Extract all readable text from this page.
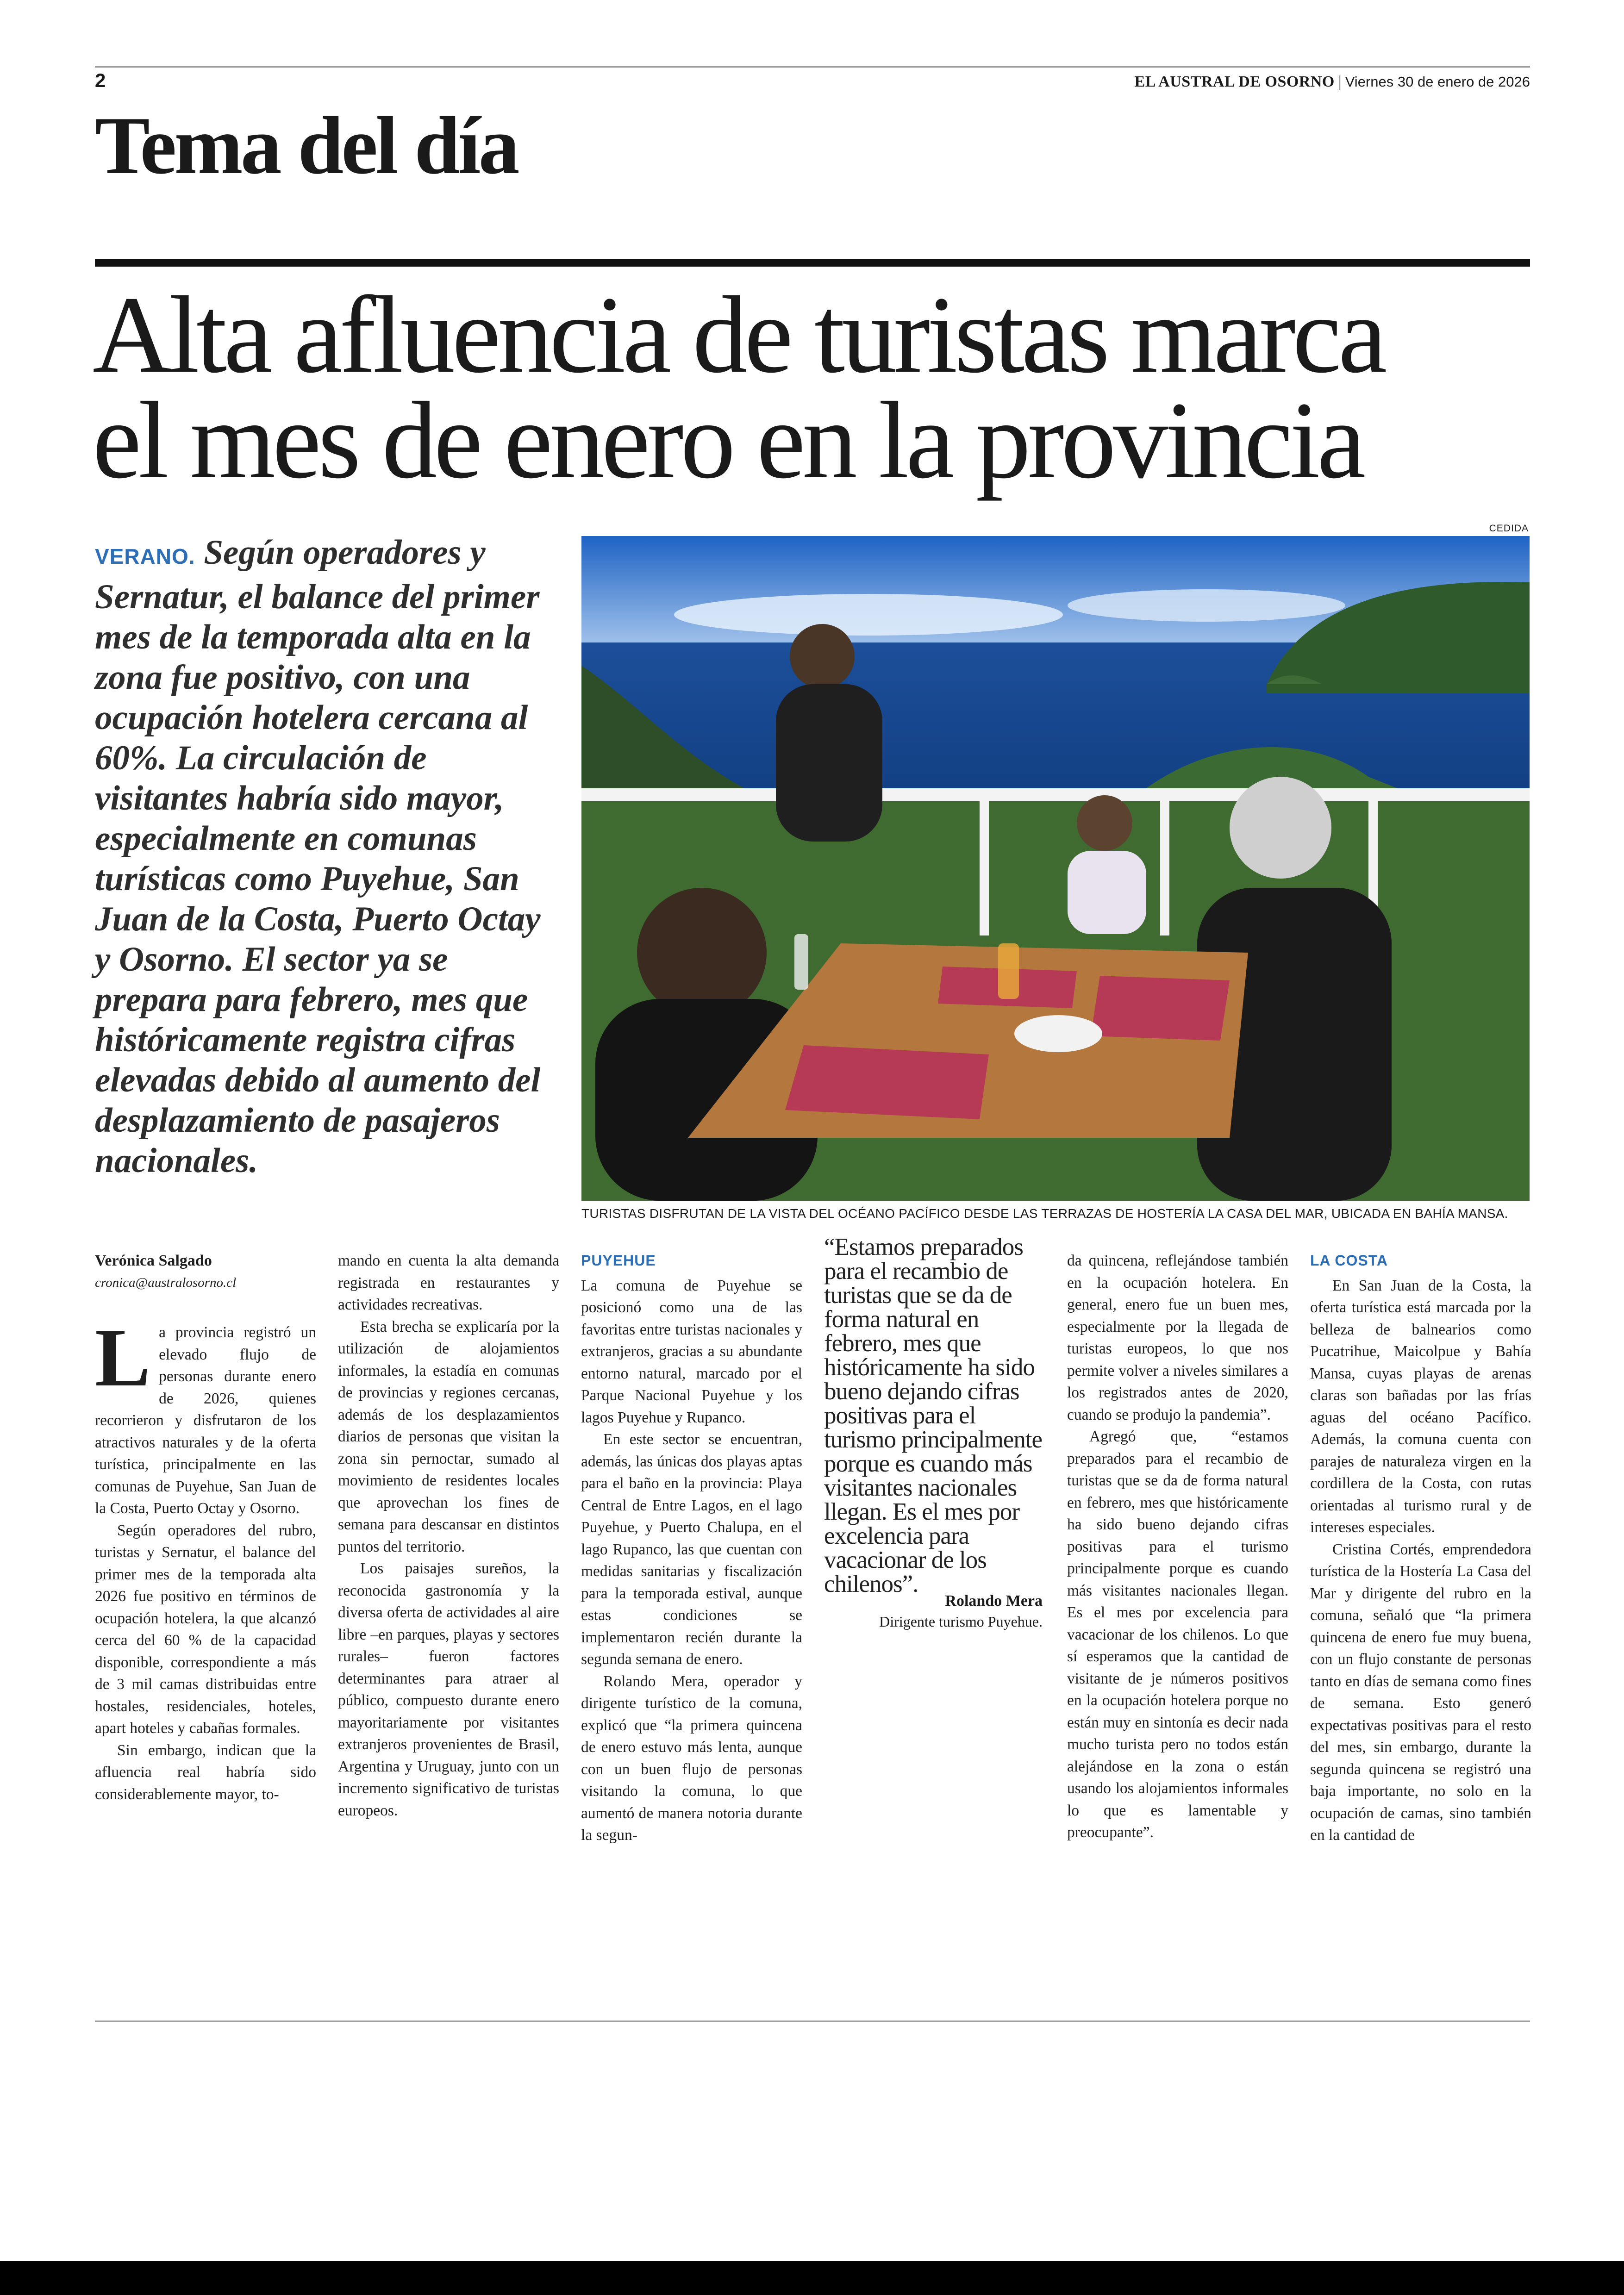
2	EL AUSTRAL DE OSORNO | Viernes 30 de enero de 2026
Tema del día
Alta afluencia de turistas marca
el mes de enero en la provincia
CEDIDA
VERANO. Según operadores y Sernatur, el balance del primer mes de la temporada alta en la zona fue positivo, con una ocupación hotelera cercana al 60%. La circulación de visitantes habría sido mayor, especialmente en comunas turísticas como Puyehue, San Juan de la Costa, Puerto Octay y Osorno. El sector ya se prepara para febrero, mes que históricamente registra cifras elevadas debido al aumento del desplazamiento de pasajeros nacionales.
TURISTAS DISFRUTAN DE LA VISTA DEL OCÉANO PACÍFICO DESDE LAS TERRAZAS DE HOSTERÍA LA CASA DEL MAR, UBICADA EN BAHÍA MANSA.

Verónica Salgado

cronica@australosorno.cl

La provincia registró un elevado flujo de personas durante enero de 2026, quienes recorrieron y disfrutaron de los atractivos naturales y de la oferta turística, principalmente en las comunas de Puyehue, San Juan de la Costa, Puerto Octay y Osorno.

Según operadores del rubro, turistas y Sernatur, el balance del primer mes de la temporada alta 2026 fue positivo en términos de ocupación hotelera, la que alcanzó cerca del 60 % de la capacidad disponible, correspondiente a más de 3 mil camas distribuidas entre hostales, residenciales, hoteles, apart hoteles y cabañas formales.

Sin embargo, indican que la afluencia real habría sido considerablemente mayor, to-

mando en cuenta la alta demanda registrada en restaurantes y actividades recreativas.

Esta brecha se explicaría por la utilización de alojamientos informales, la estadía en comunas de provincias y regiones cercanas, además de los desplazamientos diarios de personas que visitan la zona sin pernoctar, sumado al movimiento de residentes locales que aprovechan los fines de semana para descansar en distintos puntos del territorio.

Los paisajes sureños, la reconocida gastronomía y la diversa oferta de actividades al aire libre –en parques, playas y sectores rurales– fueron factores determinantes para atraer al público, compuesto durante enero mayoritariamente por visitantes extranjeros provenientes de Brasil, Argentina y Uruguay, junto con un incremento significativo de turistas europeos.

PUYEHUE

La comuna de Puyehue se posicionó como una de las favoritas entre turistas nacionales y extranjeros, gracias a su abundante entorno natural, marcado por el Parque Nacional Puyehue y los lagos Puyehue y Rupanco.

En este sector se encuentran, además, las únicas dos playas aptas para el baño en la provincia: Playa Central de Entre Lagos, en el lago Puyehue, y Puerto Chalupa, en el lago Rupanco, las que cuentan con medidas sanitarias y fiscalización para la temporada estival, aunque estas condiciones se implementaron recién durante la segunda semana de enero.

Rolando Mera, operador y dirigente turístico de la comuna, explicó que “la primera quincena de enero estuvo más lenta, aunque con un buen flujo de personas visitando la comuna, lo que aumentó de manera notoria durante la segun-

“Estamos preparados para el recambio de turistas que se da de forma natural en febrero, mes que históricamente ha sido bueno dejando cifras positivas para el turismo principalmente porque es cuando más visitantes nacionales llegan. Es el mes por excelencia para vacacionar de los chilenos”.
Rolando Mera
Dirigente turismo Puyehue.

da quincena, reflejándose también en la ocupación hotelera. En general, enero fue un buen mes, especialmente por la llegada de turistas europeos, lo que nos permite volver a niveles similares a los registrados antes de 2020, cuando se produjo la pandemia”.

Agregó que, “estamos preparados para el recambio de turistas que se da de forma natural en febrero, mes que históricamente ha sido bueno dejando cifras positivas para el turismo principalmente porque es cuando más visitantes nacionales llegan. Es el mes por excelencia para vacacionar de los chilenos. Lo que sí esperamos que la cantidad de visitante de je números positivos en la ocupación hotelera porque no están muy en sintonía es decir nada mucho turista pero no todos están alejándose en la zona o están usando los alojamientos informales lo que es lamentable y preocupante”.

LA COSTA

En San Juan de la Costa, la oferta turística está marcada por la belleza de balnearios como Pucatrihue, Maicolpue y Bahía Mansa, cuyas playas de arenas claras son bañadas por las frías aguas del océano Pacífico. Además, la comuna cuenta con parajes de naturaleza virgen en la cordillera de la Costa, con rutas orientadas al turismo rural y de intereses especiales.

Cristina Cortés, emprendedora turística de la Hostería La Casa del Mar y dirigente del rubro en la comuna, señaló que “la primera quincena de enero fue muy buena, con un flujo constante de personas tanto en días de semana como fines de semana. Esto generó expectativas positivas para el resto del mes, sin embargo, durante la segunda quincena se registró una baja importante, no solo en la ocupación de camas, sino también en la cantidad de
